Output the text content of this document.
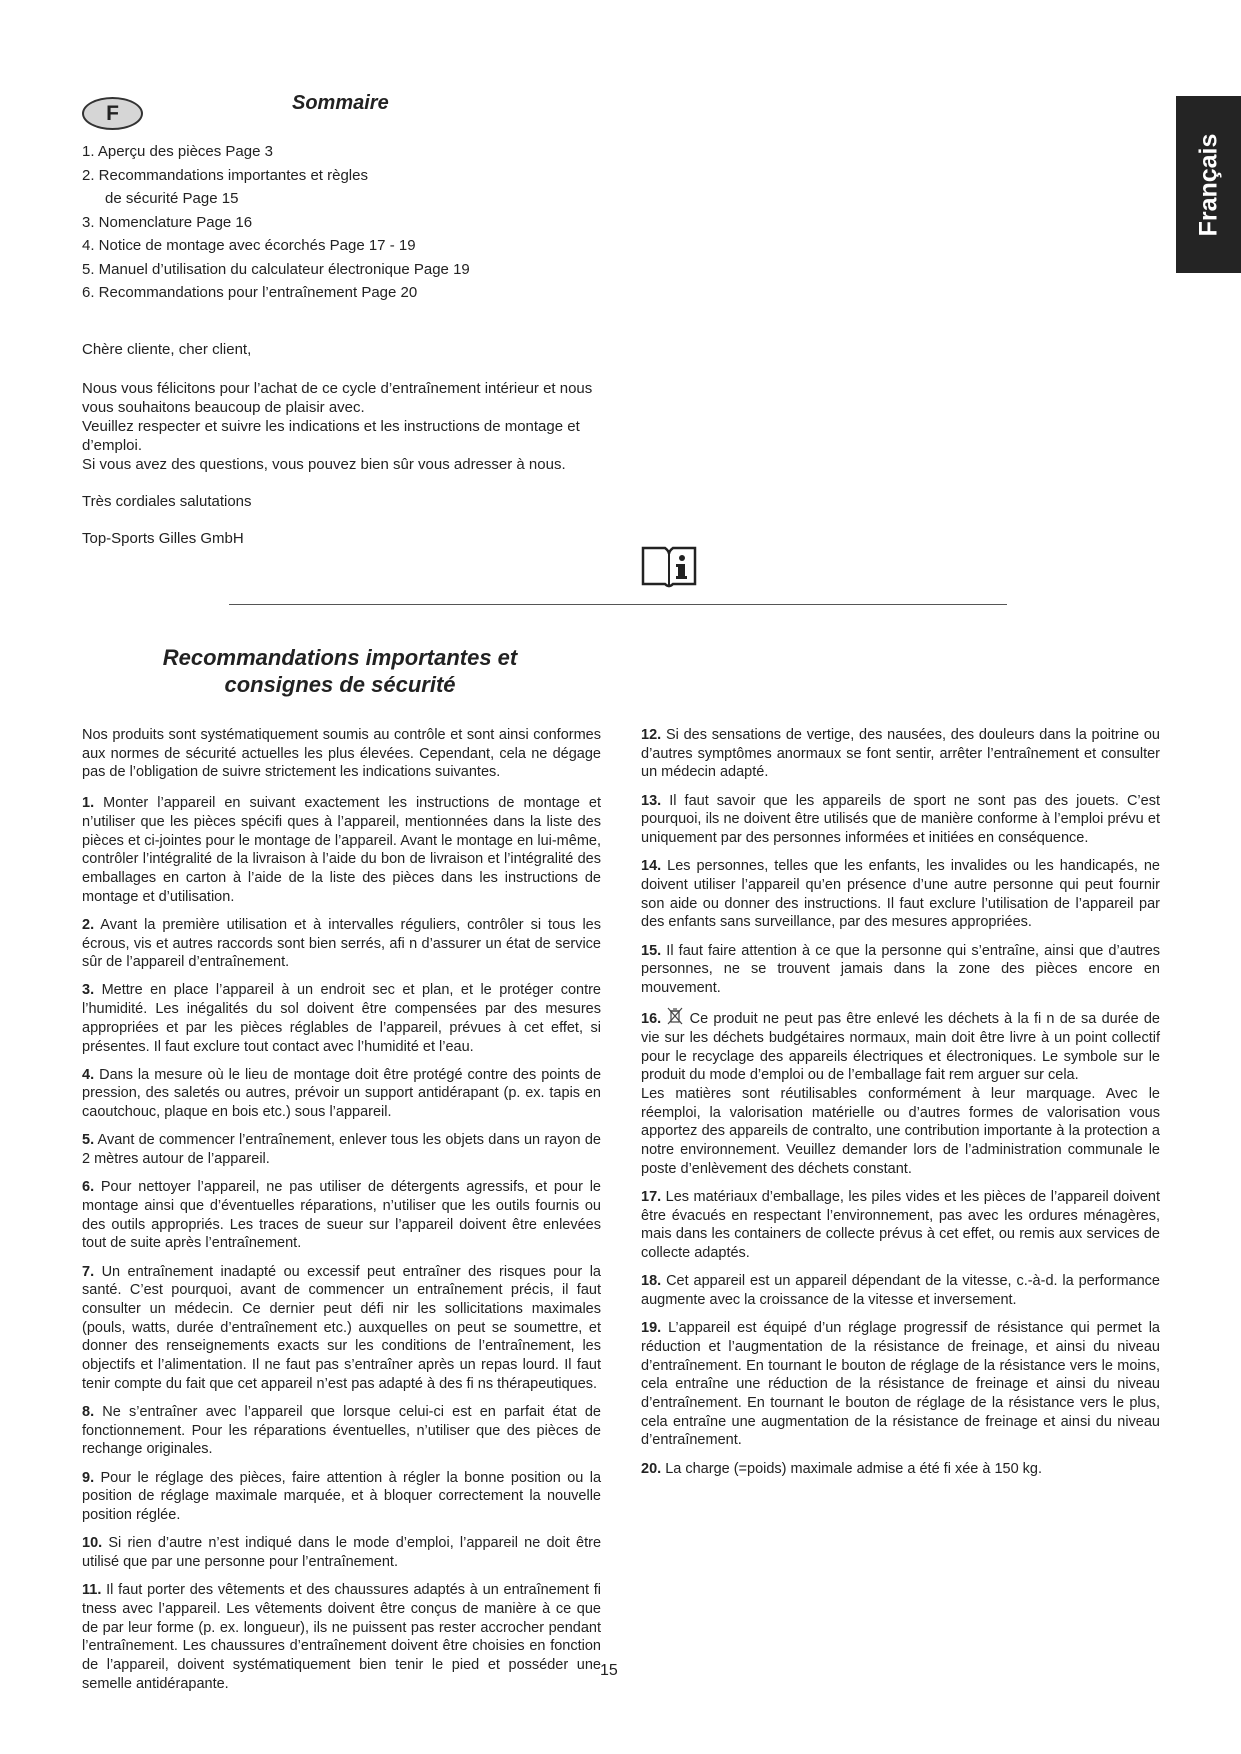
Français
F	Sommaire
1. Aperçu des pièces Page 3
2. Recommandations importantes et règles
de sécurité Page 15
3. Nomenclature Page 16
4. Notice de montage avec écorchés Page 17 - 19
5. Manuel d’utilisation du calculateur électronique Page 19
6. Recommandations pour l’entraînement Page 20

Chère cliente, cher client,

Nous vous félicitons pour l’achat de ce cycle d’entraînement intérieur et nous vous souhaitons beaucoup de plaisir avec.
Veuillez respecter et suivre les indications et les instructions de montage et d’emploi.
Si vous avez des questions, vous pouvez bien sûr vous adresser à nous.

Très cordiales salutations

Top-Sports Gilles GmbH

Recommandations importantes et
consignes de sécurité

Nos produits sont systématiquement soumis au contrôle et sont ainsi conformes aux normes de sécurité actuelles les plus élevées. Cependant, cela ne dégage pas de l’obligation de suivre strictement les indications suivantes.

1. Monter l’appareil en suivant exactement les instructions de montage et n’utiliser que les pièces spécifi ques à l’appareil, mentionnées dans la liste des pièces et ci-jointes pour le montage de l’appareil. Avant le montage en lui-même, contrôler l’intégralité de la livraison à l’aide du bon de livraison et l’intégralité des emballages en carton à l’aide de la liste des pièces dans les instructions de montage et d’utilisation.

2. Avant la première utilisation et à intervalles réguliers, contrôler si tous les écrous, vis et autres raccords sont bien serrés, afi n d’assurer un état de service sûr de l’appareil d’entraînement.

3. Mettre en place l’appareil à un endroit sec et plan, et le protéger contre l’humidité. Les inégalités du sol doivent être compensées par des mesures appropriées et par les pièces réglables de l’appareil, prévues à cet effet, si présentes. Il faut exclure tout contact avec l’humidité et l’eau.

4. Dans la mesure où le lieu de montage doit être protégé contre des points de pression, des saletés ou autres, prévoir un support antidérapant (p. ex. tapis en caoutchouc, plaque en bois etc.) sous l’appareil.

5. Avant de commencer l’entraînement, enlever tous les objets dans un rayon de 2 mètres autour de l’appareil.

6. Pour nettoyer l’appareil, ne pas utiliser de détergents agressifs, et pour le montage ainsi que d’éventuelles réparations, n’utiliser que les outils fournis ou des outils appropriés. Les traces de sueur sur l’appareil doivent être enlevées tout de suite après l’entraînement.

7. Un entraînement inadapté ou excessif peut entraîner des risques pour la santé. C’est pourquoi, avant de commencer un entraînement précis, il faut consulter un médecin. Ce dernier peut défi nir les sollicitations maximales (pouls, watts, durée d’entraînement etc.) auxquelles on peut se soumettre, et donner des renseignements exacts sur les conditions de l’entraînement, les objectifs et l’alimentation. Il ne faut pas s’entraîner après un repas lourd. Il faut tenir compte du fait que cet appareil n’est pas adapté à des fi ns thérapeutiques.

8. Ne s’entraîner avec l’appareil que lorsque celui-ci est en parfait état de fonctionnement. Pour les réparations éventuelles, n’utiliser que des pièces de rechange originales.

9. Pour le réglage des pièces, faire attention à régler la bonne position ou la position de réglage maximale marquée, et à bloquer correctement la nouvelle position réglée.

10. Si rien d’autre n’est indiqué dans le mode d’emploi, l’appareil ne doit être utilisé que par une personne pour l’entraînement.

11. Il faut porter des vêtements et des chaussures adaptés à un entraînement fi tness avec l’appareil. Les vêtements doivent être conçus de manière à ce que de par leur forme (p. ex. longueur), ils ne puissent pas rester accrocher pendant l’entraînement. Les chaussures d’entraînement doivent être choisies en fonction de l’appareil, doivent systématiquement bien tenir le pied et posséder une semelle antidérapante.

12. Si des sensations de vertige, des nausées, des douleurs dans la poitrine ou d’autres symptômes anormaux se font sentir, arrêter l’entraînement et consulter un médecin adapté.

13. Il faut savoir que les appareils de sport ne sont pas des jouets. C’est pourquoi, ils ne doivent être utilisés que de manière conforme à l’emploi prévu et uniquement par des personnes informées et initiées en conséquence.

14. Les personnes, telles que les enfants, les invalides ou les handicapés, ne doivent utiliser l’appareil qu’en présence d’une autre personne qui peut fournir son aide ou donner des instructions. Il faut exclure l’utilisation de l’appareil par des enfants sans surveillance, par des mesures appropriées.

15. Il faut faire attention à ce que la personne qui s’entraîne, ainsi que d’autres personnes, ne se trouvent jamais dans la zone des pièces encore en mouvement.

16. Ce produit ne peut pas être enlevé les déchets à la fi n de sa durée de vie sur les déchets budgétaires normaux, main doit être livre à un point collectif pour le recyclage des appareils électriques et électroniques. Le symbole sur le produit du mode d’emploi ou de l’emballage fait rem arguer sur cela.

Les matières sont réutilisables conformément à leur marquage. Avec le réemploi, la valorisation matérielle ou d’autres formes de valorisation vous apportez des appareils de contralto, une contribution importante à la protection a notre environnement. Veuillez demander lors de l’administration communale le poste d’enlèvement des déchets constant.

17. Les matériaux d’emballage, les piles vides et les pièces de l’appareil doivent être évacués en respectant l’environnement, pas avec les ordures ménagères, mais dans les containers de collecte prévus à cet effet, ou remis aux services de collecte adaptés.

18. Cet appareil est un appareil dépendant de la vitesse, c.-à-d. la performance augmente avec la croissance de la vitesse et inversement.

19. L’appareil est équipé d’un réglage progressif de résistance qui permet la réduction et l’augmentation de la résistance de freinage, et ainsi du niveau d’entraînement. En tournant le bouton de réglage de la résistance vers le moins, cela entraîne une réduction de la résistance de freinage et ainsi du niveau d’entraînement. En tournant le bouton de réglage de la résistance vers le plus, cela entraîne une augmentation de la résistance de freinage et ainsi du niveau d’entraînement.

20. La charge (=poids) maximale admise a été fi xée à 150 kg.

15
